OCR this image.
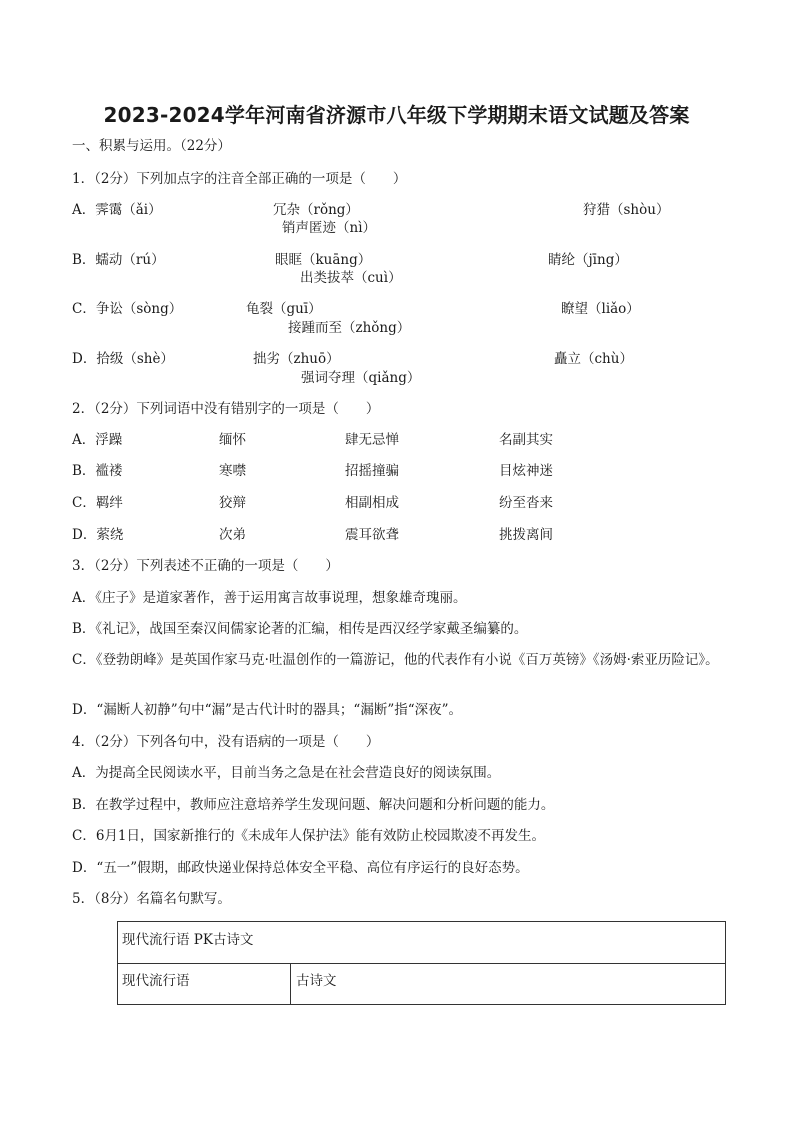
2023-2024学年河南省济源市八年级下学期期末语文试题及答案
一、积累与运用。（22分）
1．（2分）下列加点字的注音全部正确的一项是（　　）
A．霁霭（ǎi）	冗杂（rǒng）	狩猎（shòu）
销声匿迹（nì）
B．蠕动（rú）	眼眶（kuāng）	睛纶（jīng）
出类拔萃（cuì）
C．争讼（sòng）	龟裂（guī）	瞭望（liǎo）
接踵而至（zhǒng）
D．拾级（shè）	拙劣（zhuō）	矗立（chù）
强词夺理（qiǎng）
2．（2分）下列词语中没有错别字的一项是（　　）
A．浮躁	缅怀	肆无忌惮	名副其实
B．褴褛	寒噤	招摇撞骗	目炫神迷
C．羁绊	狡辩	相副相成	纷至沓来
D．萦绕	次弟	震耳欲聋	挑拨离间
3．（2分）下列表述不正确的一项是（　　）
A．《庄子》是道家著作，善于运用寓言故事说理，想象雄奇瑰丽。
B．《礼记》，战国至秦汉间儒家论著的汇编，相传是西汉经学家戴圣编纂的。
C．《登勃朗峰》是英国作家马克·吐温创作的一篇游记，他的代表作有小说《百万英镑》《汤姆·索亚历险记》。
D．“漏断人初静”句中“漏”是古代计时的器具；“漏断”指“深夜”。
4．（2分）下列各句中，没有语病的一项是（　　）
A．为提高全民阅读水平，目前当务之急是在社会营造良好的阅读氛围。
B．在教学过程中，教师应注意培养学生发现问题、解决问题和分析问题的能力。
C．6月1日，国家新推行的《未成年人保护法》能有效防止校园欺凌不再发生。
D．“五一”假期，邮政快递业保持总体安全平稳、高位有序运行的良好态势。
5．（8分）名篇名句默写。
现代流行语 PK古诗文
现代流行语	古诗文
